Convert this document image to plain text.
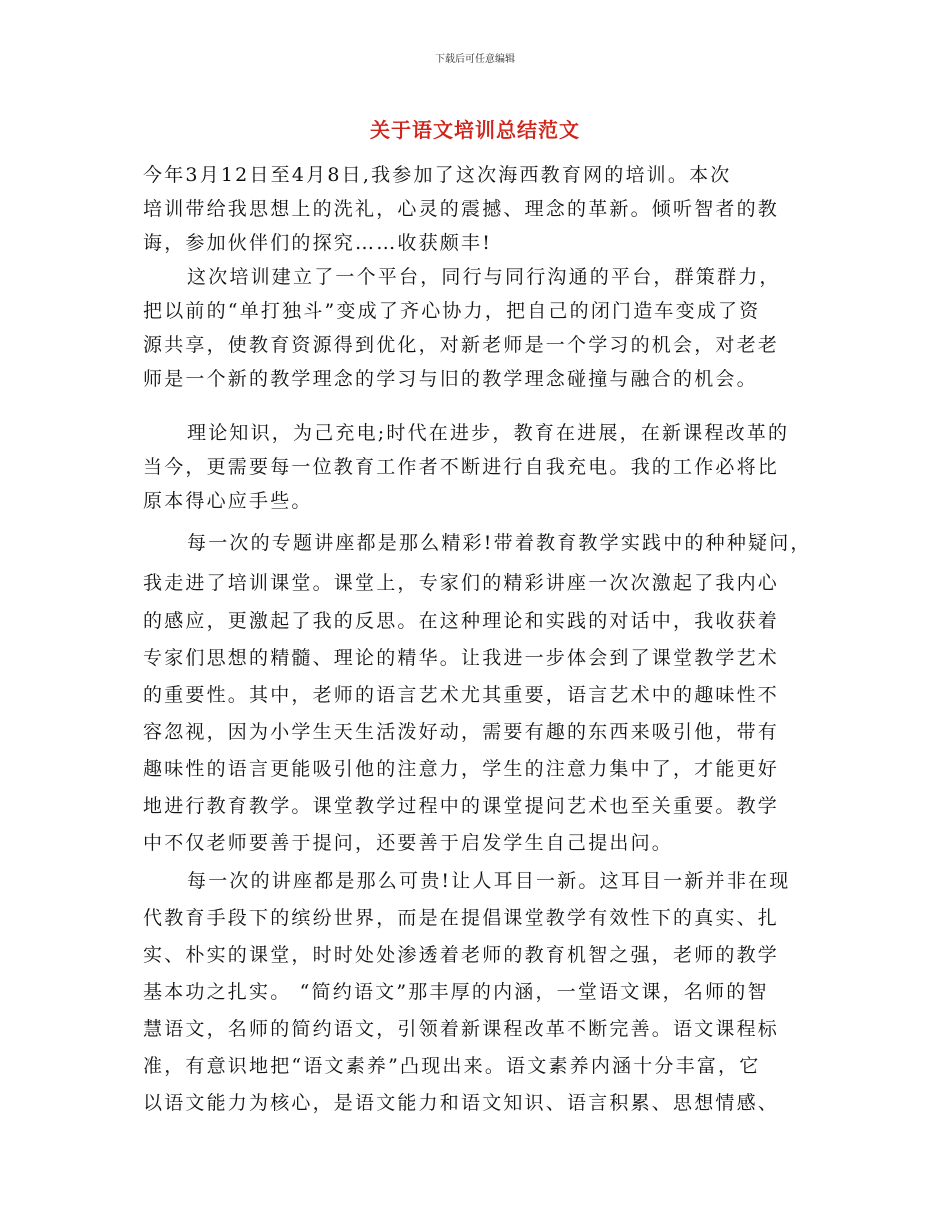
下载后可任意编辑
关于语文培训总结范文
今年3月12日至4月8日,我参加了这次海西教育网的培训。本次
培训带给我思想上的洗礼，心灵的震撼、理念的革新。倾听智者的教
诲，参加伙伴们的探究……收获颇丰!
这次培训建立了一个平台，同行与同行沟通的平台，群策群力，
把以前的“单打独斗”变成了齐心协力，把自己的闭门造车变成了资
源共享，使教育资源得到优化，对新老师是一个学习的机会，对老老
师是一个新的教学理念的学习与旧的教学理念碰撞与融合的机会。
理论知识，为己充电;时代在进步，教育在进展，在新课程改革的
当今，更需要每一位教育工作者不断进行自我充电。我的工作必将比
原本得心应手些。
每一次的专题讲座都是那么精彩!带着教育教学实践中的种种疑问，
我走进了培训课堂。课堂上，专家们的精彩讲座一次次激起了我内心
的感应，更激起了我的反思。在这种理论和实践的对话中，我收获着
专家们思想的精髓、理论的精华。让我进一步体会到了课堂教学艺术
的重要性。其中，老师的语言艺术尤其重要，语言艺术中的趣味性不
容忽视，因为小学生天生活泼好动，需要有趣的东西来吸引他，带有
趣味性的语言更能吸引他的注意力，学生的注意力集中了，才能更好
地进行教育教学。课堂教学过程中的课堂提问艺术也至关重要。教学
中不仅老师要善于提问，还要善于启发学生自己提出问。
每一次的讲座都是那么可贵!让人耳目一新。这耳目一新并非在现
代教育手段下的缤纷世界，而是在提倡课堂教学有效性下的真实、扎
实、朴实的课堂，时时处处渗透着老师的教育机智之强，老师的教学
基本功之扎实。 “简约语文”那丰厚的内涵，一堂语文课，名师的智
慧语文，名师的简约语文，引领着新课程改革不断完善。语文课程标
准，有意识地把“语文素养”凸现出来。语文素养内涵十分丰富，它
以语文能力为核心，是语文能力和语文知识、语言积累、思想情感、
